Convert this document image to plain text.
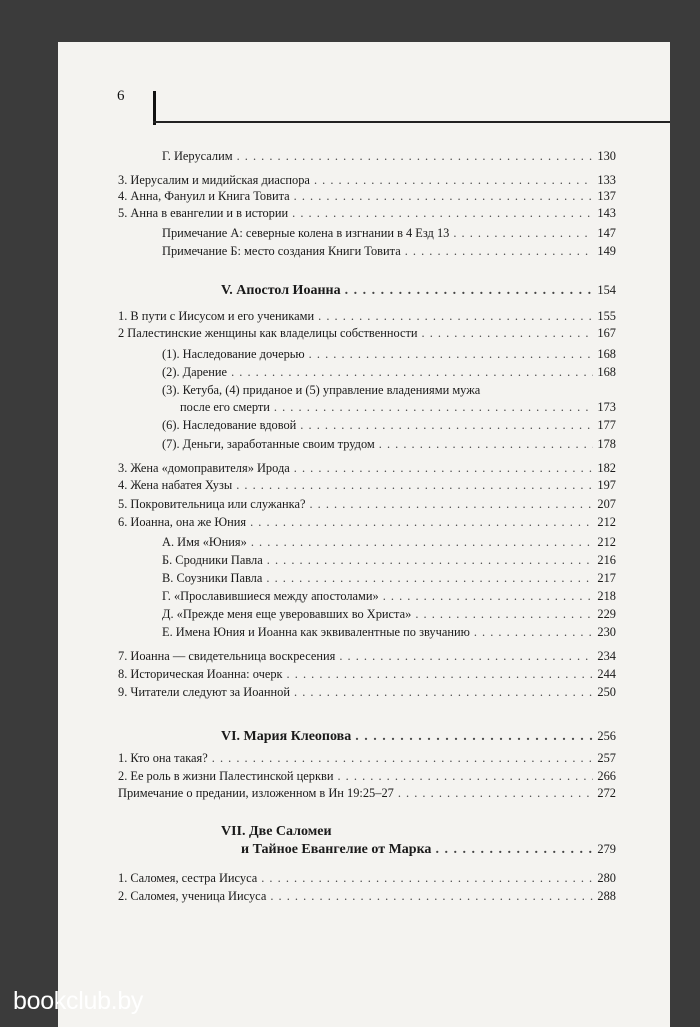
6
Г. Иерусалим . . .	130
3. Иерусалим и мидийская диаспора . . .	133
4. Анна, Фануил и Книга Товита . . .	137
5. Анна в евангелии и в истории . . .	143
Примечание А: северные колена в изгнании в 4 Езд 13 . . .	147
Примечание Б: место создания Книги Товита . . .	149
V. Апостол Иоанна . . .	154
1. В пути с Иисусом и его учениками . . .	155
2 Палестинские женщины как владелицы собственности . . .	167
(1). Наследование дочерью . . .	168
(2). Дарение . . .	168
(3). Кетуба, (4) приданое и (5) управление владениями мужа
после его смерти . . .	173
(6). Наследование вдовой . . .	177
(7). Деньги, заработанные своим трудом . . .	178
3. Жена «домоправителя» Ирода . . .	182
4. Жена набатея Хузы . . .	197
5. Покровительница или служанка? . . .	207
6. Иоанна, она же Юния . . .	212
А. Имя «Юния» . . .	212
Б. Сродники Павла . . .	216
В. Соузники Павла . . .	217
Г. «Прославившиеся между апостолами» . . .	218
Д. «Прежде меня еще уверовавших во Христа» . . .	229
Е. Имена Юния и Иоанна как эквивалентные по звучанию . . .	230
7. Иоанна — свидетельница воскресения . . .	234
8. Историческая Иоанна: очерк . . .	244
9. Читатели следуют за Иоанной . . .	250
VI. Мария Клеопова . . .	256
1. Кто она такая? . . .	257
2. Ее роль в жизни Палестинской церкви . . .	266
Примечание о предании, изложенном в Ин 19:25–27 . . .	272
VII. Две Саломеи
и Тайное Евангелие от Марка . . .	279
1. Саломея, сестра Иисуса . . .	280
2. Саломея, ученица Иисуса . . .	288
bookclub.by
